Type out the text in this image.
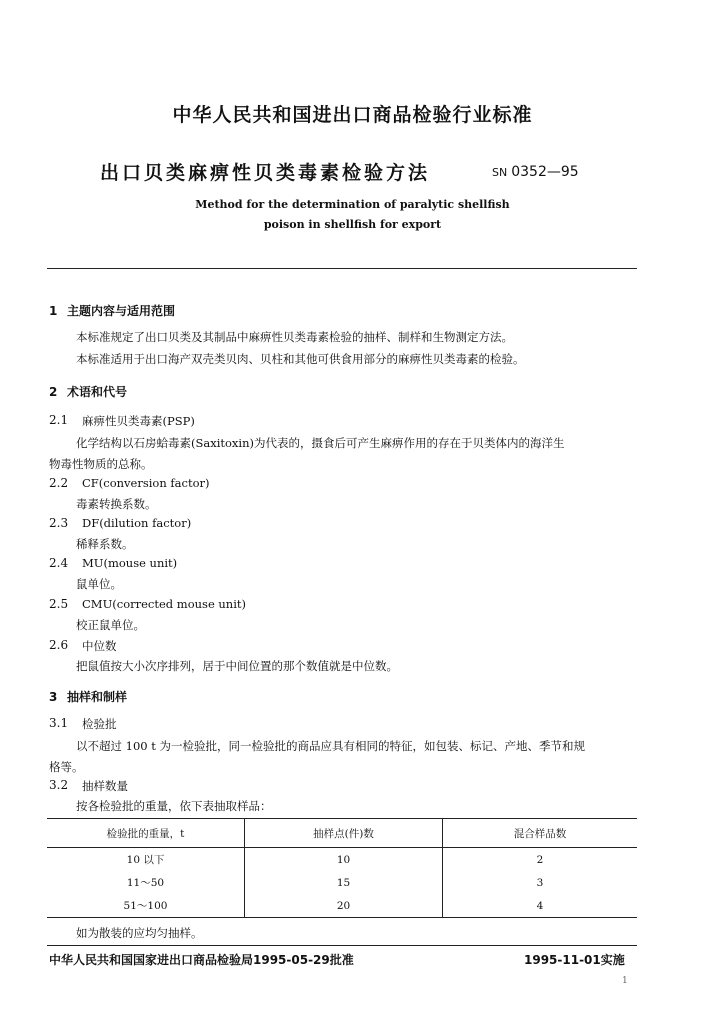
中华人民共和国进出口商品检验行业标准
出口贝类麻痹性贝类毒素检验方法	SN 0352—95
Method for the determination of paralytic shellfish
poison in shellfish for export
1 主题内容与适用范围
本标准规定了出口贝类及其制品中麻痹性贝类毒素检验的抽样、制样和生物测定方法。
本标准适用于出口海产双壳类贝肉、贝柱和其他可供食用部分的麻痹性贝类毒素的检验。
2 术语和代号
2.1 麻痹性贝类毒素(PSP)
化学结构以石房蛤毒素(Saxitoxin)为代表的，摄食后可产生麻痹作用的存在于贝类体内的海洋生
物毒性物质的总称。
2.2 CF(conversion factor)
毒素转换系数。
2.3 DF(dilution factor)
稀释系数。
2.4 MU(mouse unit)
鼠单位。
2.5 CMU(corrected mouse unit)
校正鼠单位。
2.6 中位数
把鼠值按大小次序排列，居于中间位置的那个数值就是中位数。
3 抽样和制样
3.1 检验批
以不超过 100 t 为一检验批，同一检验批的商品应具有相同的特征，如包装、标记、产地、季节和规
格等。
3.2 抽样数量
按各检验批的重量，依下表抽取样品：
检验批的重量，t	抽样点(件)数	混合样品数
10 以下	10	2
11～50	15	3
51～100	20	4
如为散装的应均匀抽样。
中华人民共和国国家进出口商品检验局1995-05-29批准	1995-11-01实施
1
